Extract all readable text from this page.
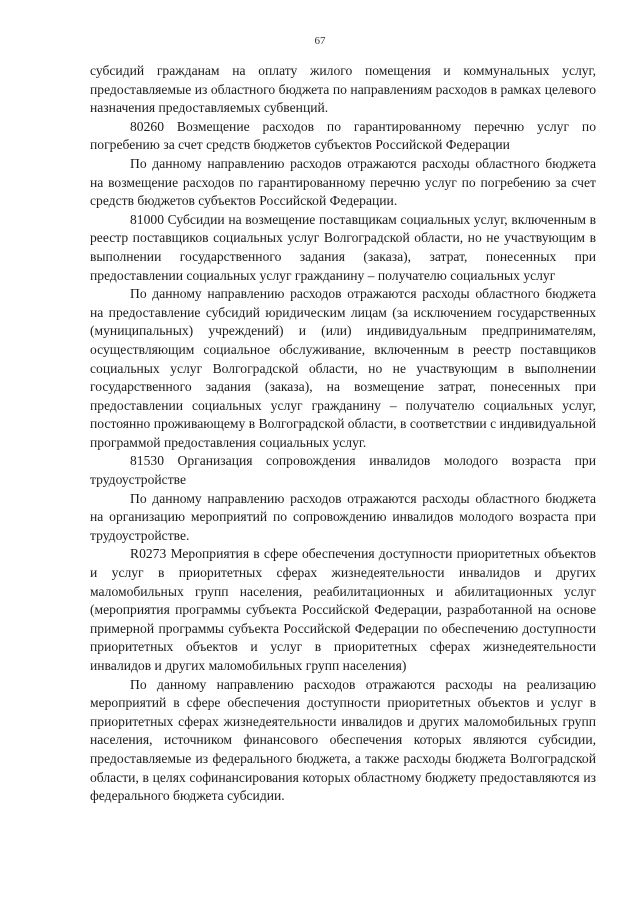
67

субсидий гражданам на оплату жилого помещения и коммунальных услуг, предоставляемые из областного бюджета по направлениям расходов в рамках целевого назначения предоставляемых субвенций.

80260 Возмещение расходов по гарантированному перечню услуг по погребению за счет средств бюджетов субъектов Российской Федерации

По данному направлению расходов отражаются расходы областного бюджета на возмещение расходов по гарантированному перечню услуг по погребению за счет средств бюджетов субъектов Российской Федерации.

81000 Субсидии на возмещение поставщикам социальных услуг, включенным в реестр поставщиков социальных услуг Волгоградской области, но не участвующим в выполнении государственного задания (заказа), затрат, понесенных при предоставлении социальных услуг гражданину – получателю социальных услуг

По данному направлению расходов отражаются расходы областного бюджета на предоставление субсидий юридическим лицам (за исключением государственных (муниципальных) учреждений) и (или) индивидуальным предпринимателям, осуществляющим социальное обслуживание, включенным в реестр поставщиков социальных услуг Волгоградской области, но не участвующим в выполнении государственного задания (заказа), на возмещение затрат, понесенных при предоставлении социальных услуг гражданину – получателю социальных услуг, постоянно проживающему в Волгоградской области, в соответствии с индивидуальной программой предоставления социальных услуг.

81530 Организация сопровождения инвалидов молодого возраста при трудоустройстве

По данному направлению расходов отражаются расходы областного бюджета на организацию мероприятий по сопровождению инвалидов молодого возраста при трудоустройстве.

R0273 Мероприятия в сфере обеспечения доступности приоритетных объектов и услуг в приоритетных сферах жизнедеятельности инвалидов и других маломобильных групп населения, реабилитационных и абилитационных услуг (мероприятия программы субъекта Российской Федерации, разработанной на основе примерной программы субъекта Российской Федерации по обеспечению доступности приоритетных объектов и услуг в приоритетных сферах жизнедеятельности инвалидов и других маломобильных групп населения)

По данному направлению расходов отражаются расходы на реализацию мероприятий в сфере обеспечения доступности приоритетных объектов и услуг в приоритетных сферах жизнедеятельности инвалидов и других маломобильных групп населения, источником финансового обеспечения которых являются субсидии, предоставляемые из федерального бюджета, а также расходы бюджета Волгоградской области, в целях софинансирования которых областному бюджету предоставляются из федерального бюджета субсидии.
